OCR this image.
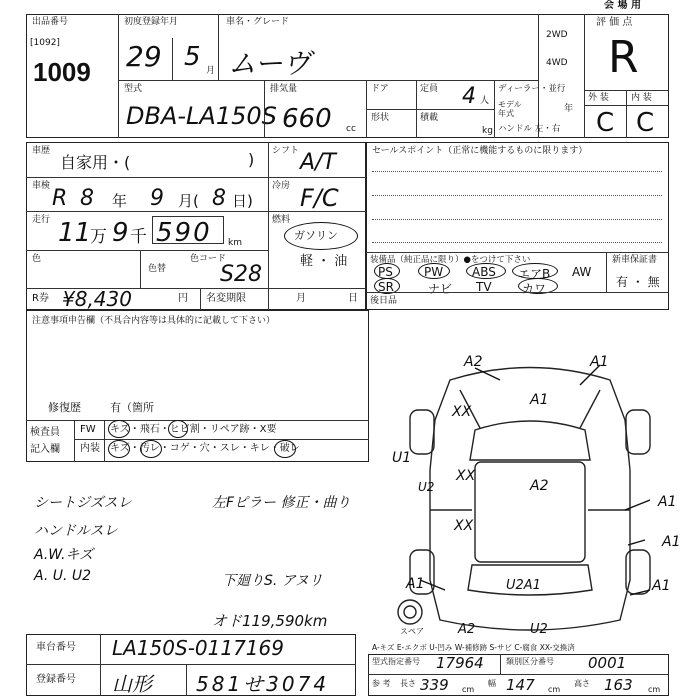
会 場 用
出品番号
[1092]
1009
初度登録年月
29 5 月
車名・グレード
ムーヴ
2WD
4WD
評 価 点
R
外 装 内 装
C C
型式
DBA-LA150S
排気量
660 cc
ドア	定員 4 人
形状	積載
kg
ディーラー・並行
モデル
年式	年
ハンドル 左・右
車歴
自家用・(	) シフト A/T
車検 R 8 年 9 月( 8 日)
冷房 F/C
走行 11
万 9 千 590 km
燃料
ガソリン
軽 ・ 油
色
色替
色コード
S28
R券 ¥8,430	円 名変期限	月	日
セールスポイント（正常に機能するものに限ります）
装備品（純正品に限り）●をつけて下さい	新車保証書
有 ・ 無
PS	PW ABS エアB AW
SR	ナビ TV	カワ
後日品
注意事項申告欄（不具合内容等は具体的に記載して下さい）
修復歴	有（箇所
検査員
記入欄
FW キズ・飛石・ヒビ割・リペア跡・X要
内装 キズ・汚レ・コゲ・穴・スレ・キレ・破レ
シートジズスレ
ハンドルスレ
A.W.キズ
A. U. U2
左Fピラー 修正・曲り
下廻りS. アヌリ
オド119,590km
A2	A1
XX
A1
U1
U2
XX
A2
XX
A1
A1
A1
A1	U2A1
A2	U2
スペア
A-キズ E-エクボ U-凹み W-補修跡 S-サビ C-腐食 XX-交換済
車台番号 LA150S-0117169
登録番号 山形 581せ3074
型式指定番号 17964	類別区分番号 0001
参 考 長さ 339 cm
幅 147 cm
高さ 163 cm
